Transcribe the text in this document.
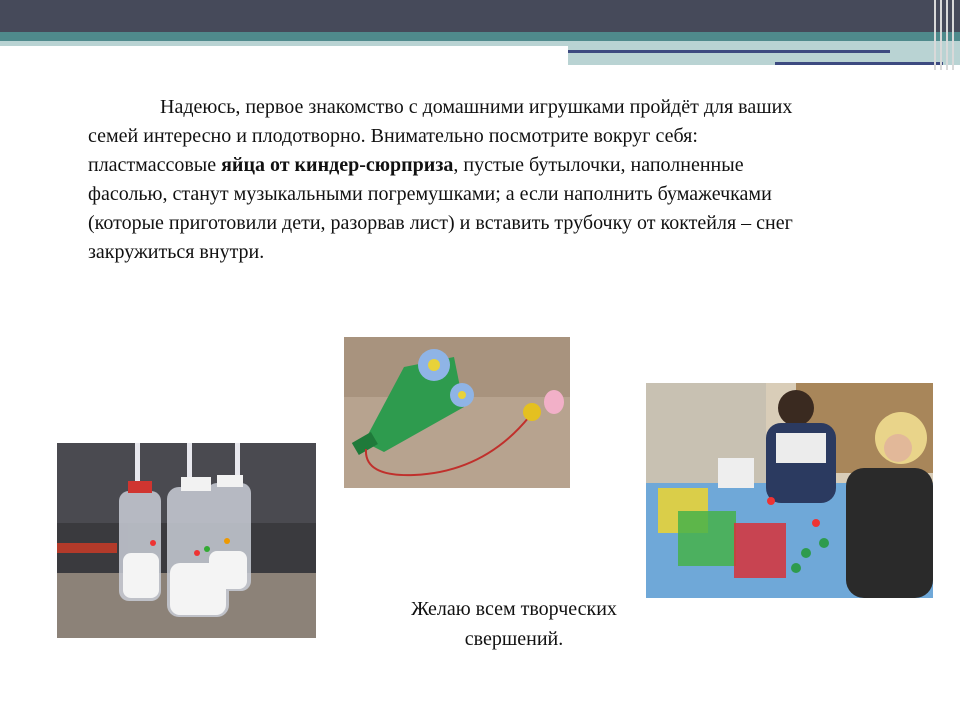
Надеюсь, первое знакомство с домашними игрушками пройдёт для ваших семей интересно и плодотворно. Внимательно посмотрите вокруг себя: пластмассовые яйца от киндер-сюрприза, пустые бутылочки, наполненные фасолью, станут музыкальными погремушками; а если наполнить бумажечками (которые приготовили дети, разорвав лист) и вставить трубочку от коктейля – снег закружиться внутри.

Желаю всем творческих
свершений.
